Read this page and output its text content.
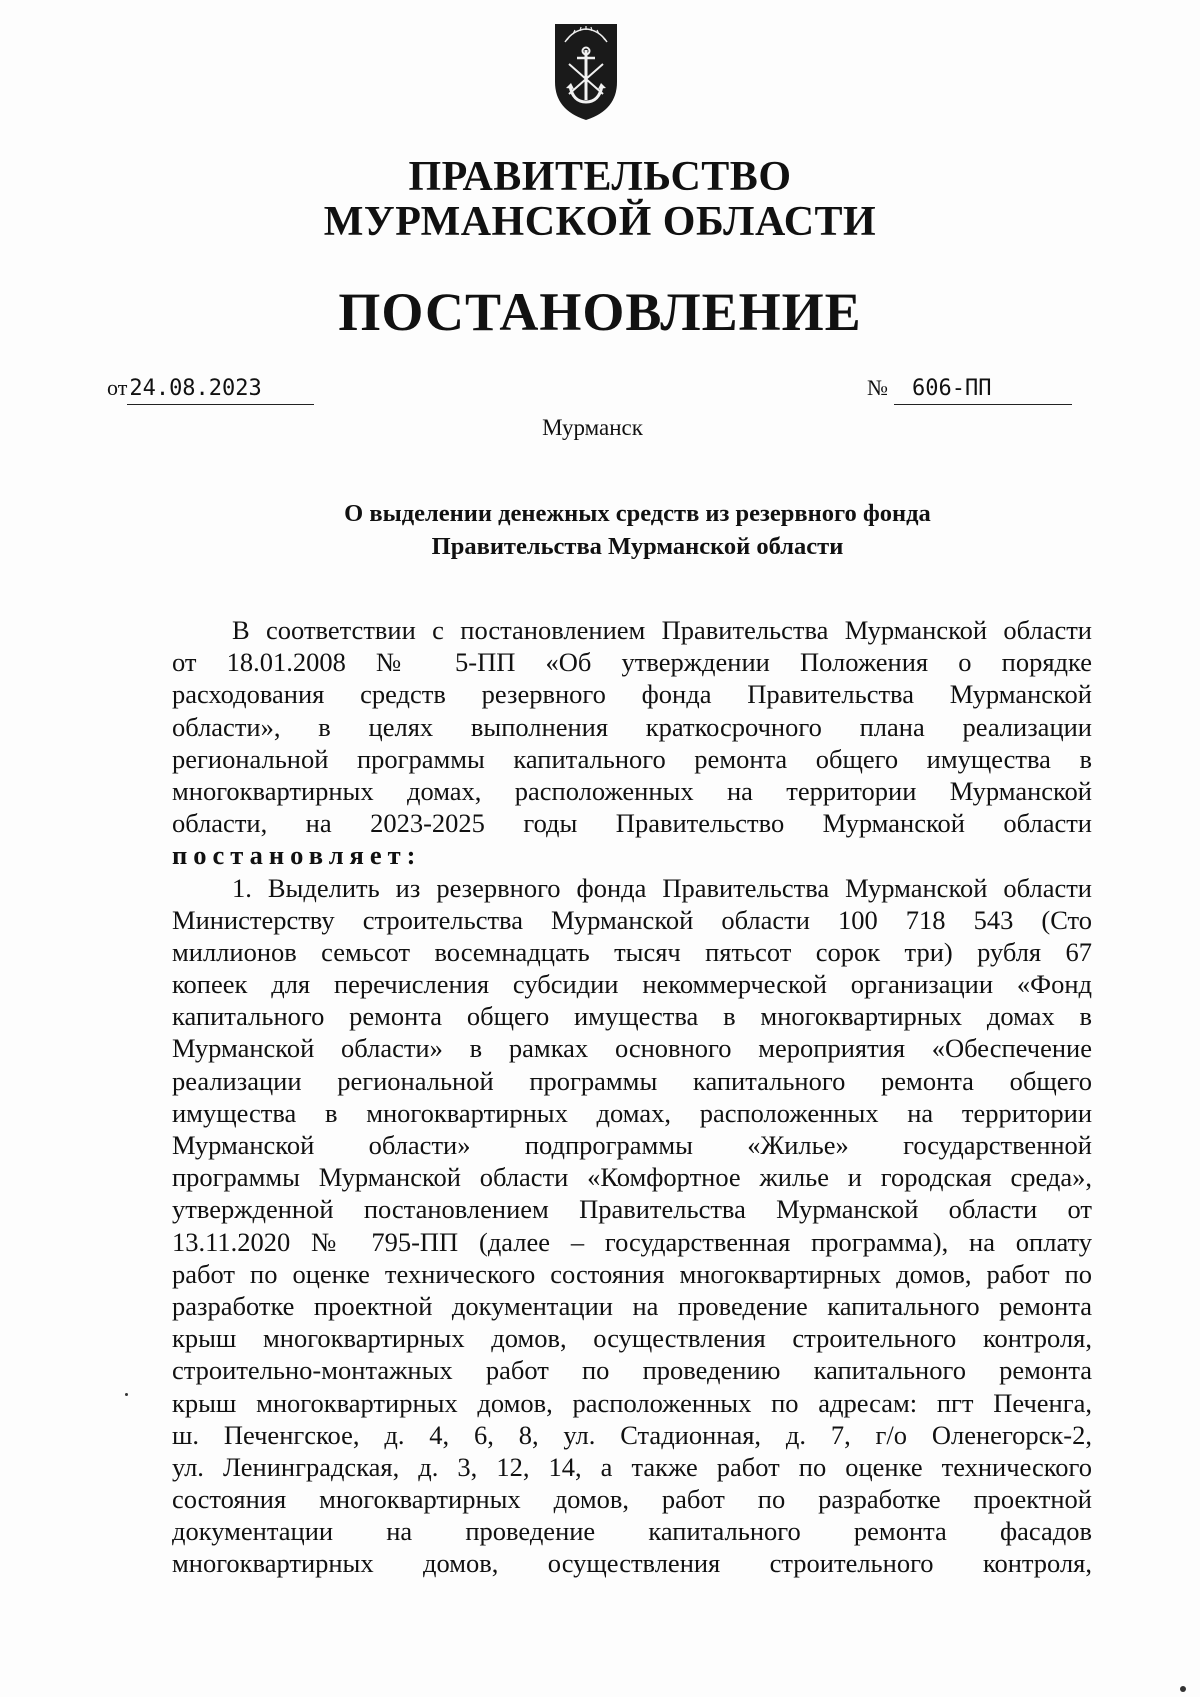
ПРАВИТЕЛЬСТВО
МУРМАНСКОЙ ОБЛАСТИ
ПОСТАНОВЛЕНИЕ
от24.08.2023	№ 606-ПП
Мурманск
О выделении денежных средств из резервного фонда
Правительства Мурманской области
В соответствии с постановлением Правительства Мурманской области
от 18.01.2008 № 5-ПП «Об утверждении Положения о порядке
расходования средств резервного фонда Правительства Мурманской
области», в целях выполнения краткосрочного плана реализации
региональной программы капитального ремонта общего имущества в
многоквартирных домах, расположенных на территории Мурманской
области, на 2023-2025 годы Правительство Мурманской области
постановляет:
1. Выделить из резервного фонда Правительства Мурманской области
Министерству строительства Мурманской области 100 718 543 (Сто
миллионов семьсот восемнадцать тысяч пятьсот сорок три) рубля 67
копеек для перечисления субсидии некоммерческой организации «Фонд
капитального ремонта общего имущества в многоквартирных домах в
Мурманской области» в рамках основного мероприятия «Обеспечение
реализации региональной программы капитального ремонта общего
имущества в многоквартирных домах, расположенных на территории
Мурманской области» подпрограммы «Жилье» государственной
программы Мурманской области «Комфортное жилье и городская среда»,
утвержденной постановлением Правительства Мурманской области от
13.11.2020 № 795-ПП (далее – государственная программа), на оплату
работ по оценке технического состояния многоквартирных домов, работ по
разработке проектной документации на проведение капитального ремонта
крыш многоквартирных домов, осуществления строительного контроля,
строительно-монтажных работ по проведению капитального ремонта
крыш многоквартирных домов, расположенных по адресам: пгт Печенга,
ш. Печенгское, д. 4, 6, 8, ул. Стадионная, д. 7, г/о Оленегорск-2,
ул. Ленинградская, д. 3, 12, 14, а также работ по оценке технического
состояния многоквартирных домов, работ по разработке проектной
документации на проведение капитального ремонта фасадов
многоквартирных домов, осуществления строительного контроля,
